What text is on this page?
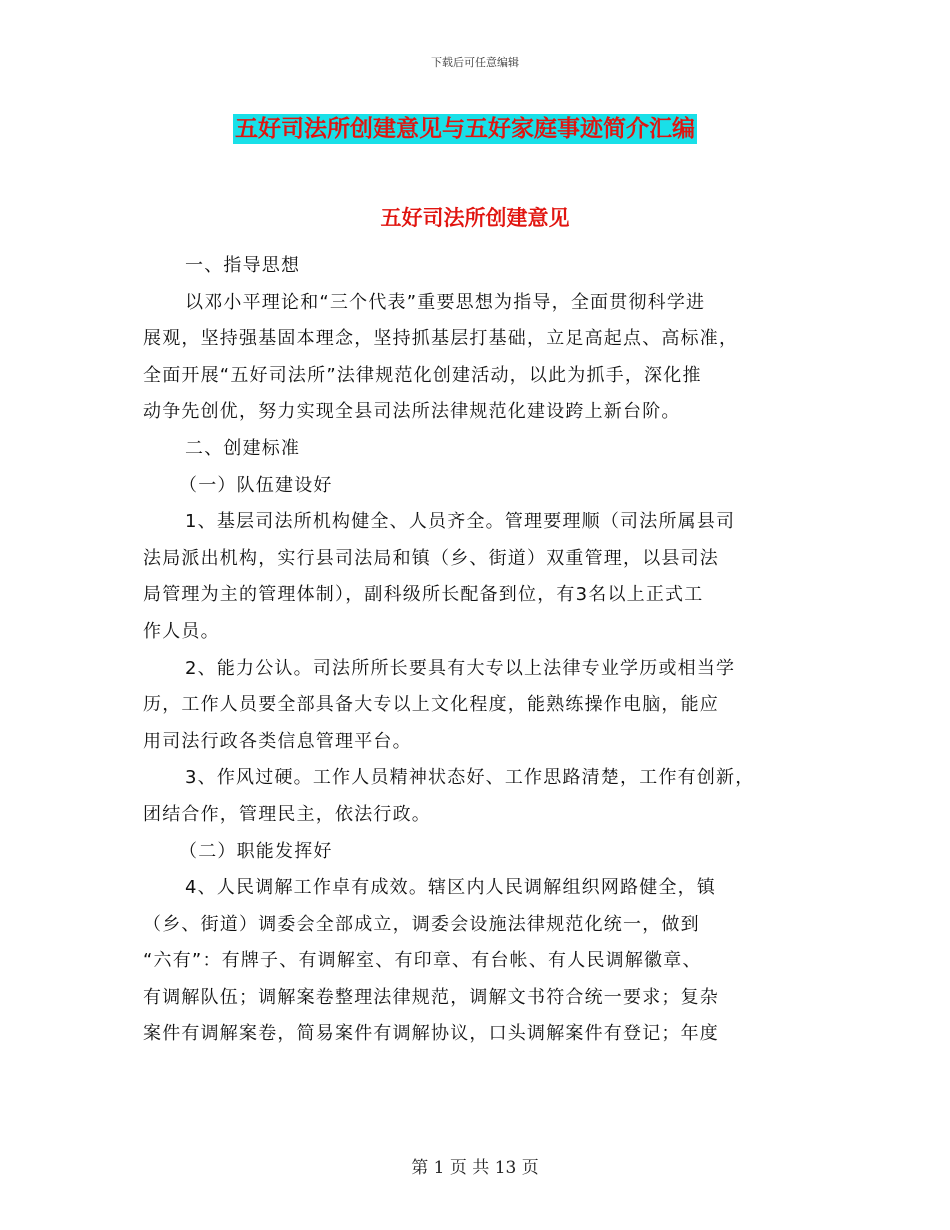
下载后可任意编辑
五好司法所创建意见与五好家庭事迹简介汇编
五好司法所创建意见
一、指导思想
以邓小平理论和“三个代表”重要思想为指导，全面贯彻科学进
展观，坚持强基固本理念，坚持抓基层打基础，立足高起点、高标准，
全面开展“五好司法所”法律规范化创建活动，以此为抓手，深化推
动争先创优，努力实现全县司法所法律规范化建设跨上新台阶。
二、创建标准
（一）队伍建设好
1、基层司法所机构健全、人员齐全。管理要理顺（司法所属县司
法局派出机构，实行县司法局和镇（乡、街道）双重管理，以县司法
局管理为主的管理体制），副科级所长配备到位，有3名以上正式工
作人员。
2、能力公认。司法所所长要具有大专以上法律专业学历或相当学
历，工作人员要全部具备大专以上文化程度，能熟练操作电脑，能应
用司法行政各类信息管理平台。
3、作风过硬。工作人员精神状态好、工作思路清楚，工作有创新，
团结合作，管理民主，依法行政。
（二）职能发挥好
4、人民调解工作卓有成效。辖区内人民调解组织网路健全，镇
（乡、街道）调委会全部成立，调委会设施法律规范化统一，做到
“六有”：有牌子、有调解室、有印章、有台帐、有人民调解徽章、
有调解队伍；调解案卷整理法律规范，调解文书符合统一要求；复杂
案件有调解案卷，简易案件有调解协议，口头调解案件有登记；年度
第 1 页 共 13 页
